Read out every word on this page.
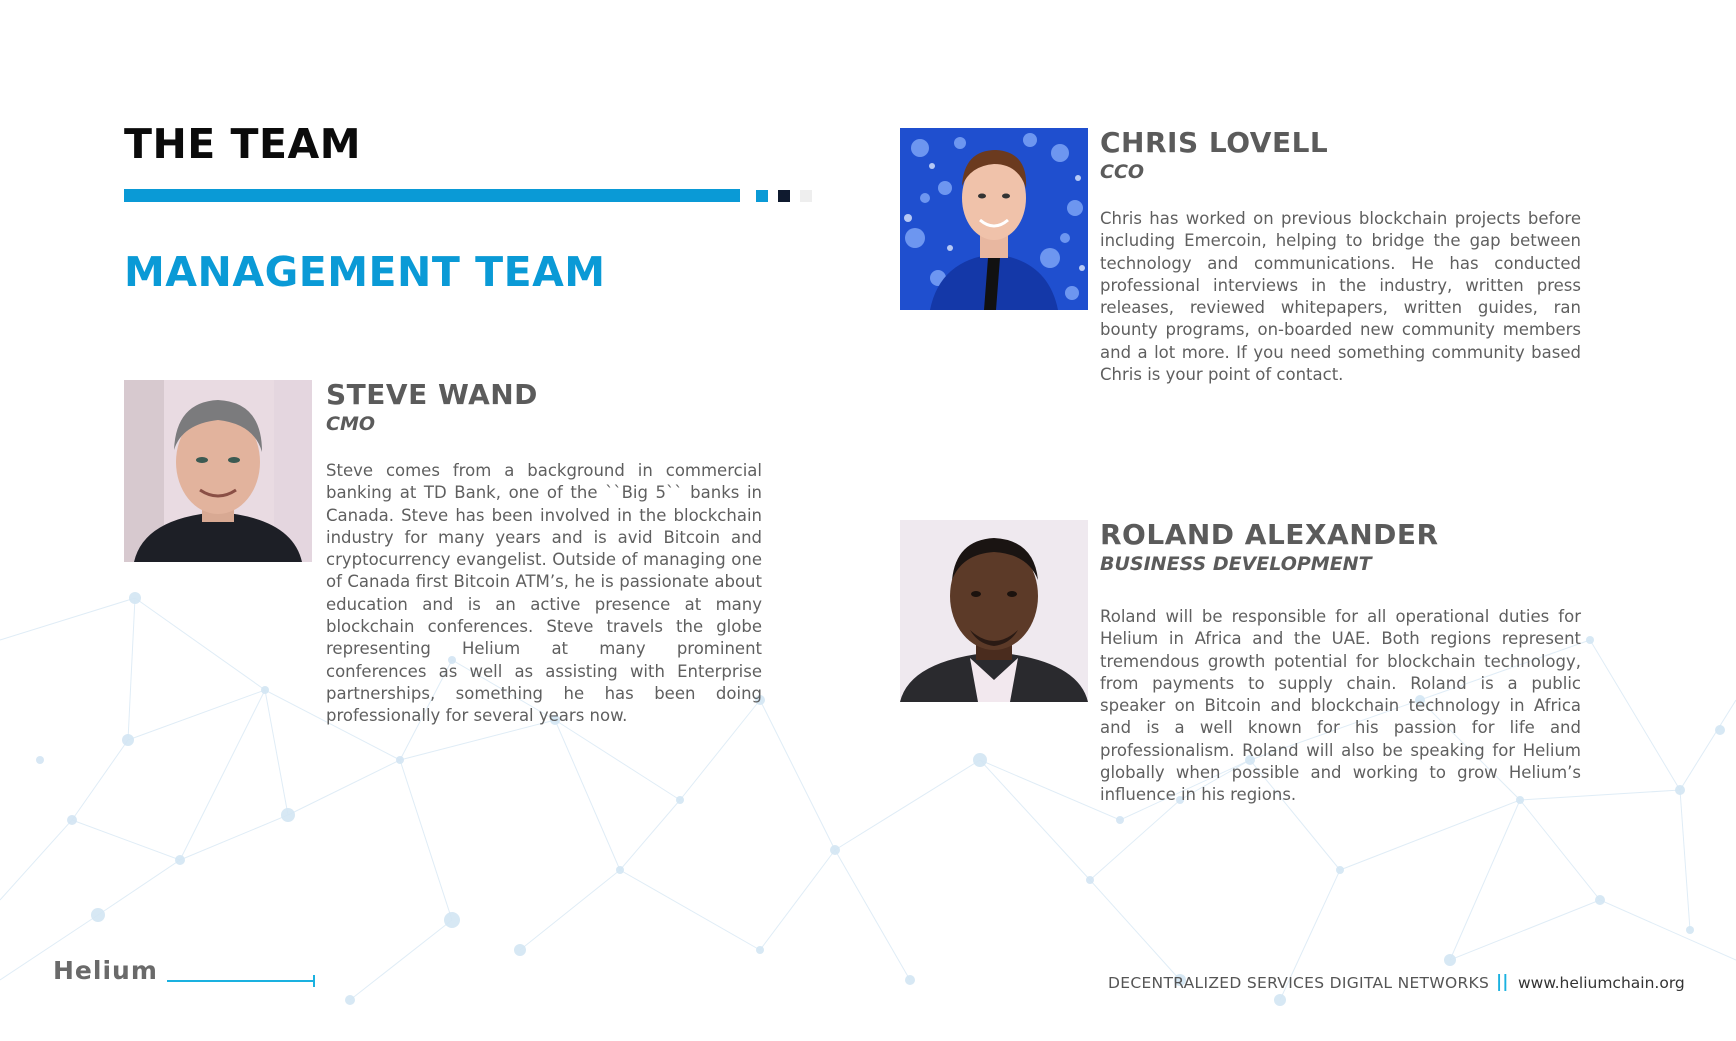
THE TEAM
MANAGEMENT TEAM
STEVE WAND

CMO

Steve comes from a background in commercial banking at TD Bank, one of the ``Big 5`` banks in Canada. Steve has been involved in the blockchain industry for many years and is avid Bitcoin and cryptocurrency evangelist. Outside of managing one of Canada first Bitcoin ATM’s, he is passionate about education and is an active presence at many blockchain conferences. Steve travels the globe representing Helium at many prominent conferences as well as assisting with Enterprise partnerships, something he has been doing professionally for several years now.

CHRIS LOVELL

CCO

Chris has worked on previous blockchain projects before including Emercoin, helping to bridge the gap between technology and communications. He has conducted professional interviews in the industry, written press releases, reviewed whitepapers, written guides, ran bounty programs, on-boarded new community members and a lot more. If you need something community based Chris is your point of contact.

ROLAND ALEXANDER

BUSINESS DEVELOPMENT

Roland will be responsible for all operational duties for Helium in Africa and the UAE. Both regions represent tremendous growth potential for blockchain technology, from payments to supply chain. Roland is a public speaker on Bitcoin and blockchain technology in Africa and is a well known for his passion for life and professionalism. Roland will also be speaking for Helium globally when possible and working to grow Helium’s influence in his regions.

Helium	DECENTRALIZED SERVICES DIGITAL NETWORKS || www.heliumchain.org
